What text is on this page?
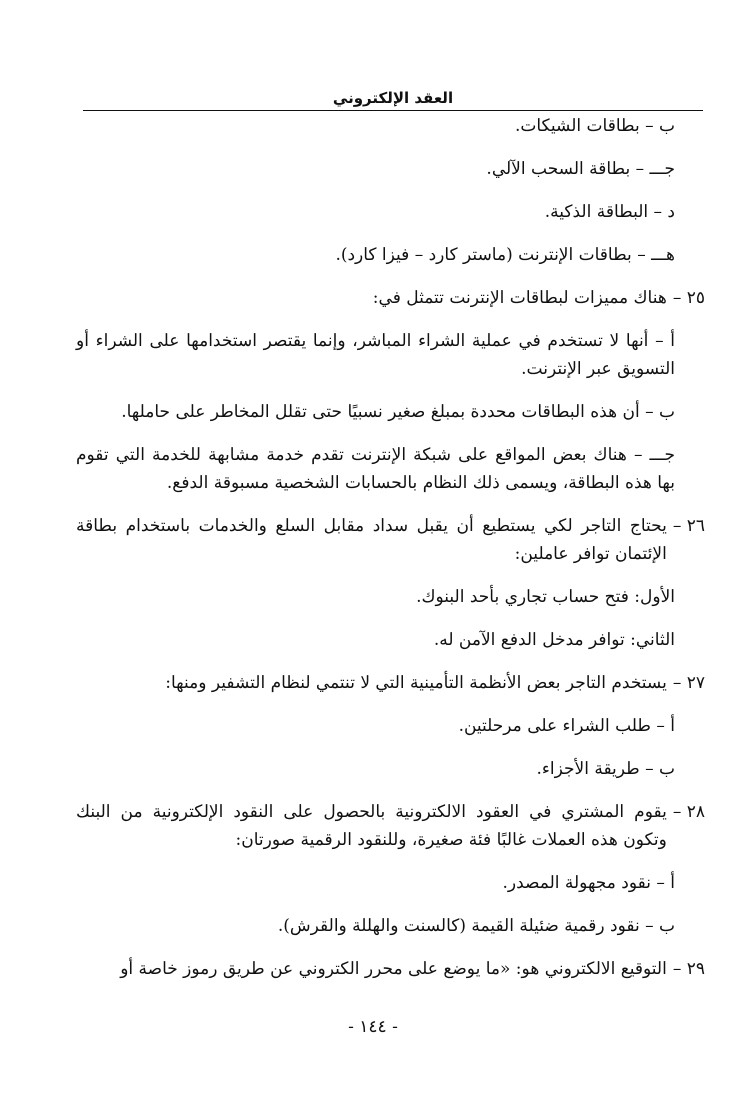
العقد الإلكتروني
ب – بطاقات الشيكات.
جـــ – بطاقة السحب الآلي.
د – البطاقة الذكية.
هـــ – بطاقات الإنترنت (ماستر كارد – فيزا كارد).
٢٥ –
هناك مميزات لبطاقات الإنترنت تتمثل في:
أ – أنها لا تستخدم في عملية الشراء المباشر، وإنما يقتصر استخدامها على الشراء أو التسويق عبر الإنترنت.
ب – أن هذه البطاقات محددة بمبلغ صغير نسبيًا حتى تقلل المخاطر على حاملها.
جـــ – هناك بعض المواقع على شبكة الإنترنت تقدم خدمة مشابهة للخدمة التي تقوم بها هذه البطاقة، ويسمى ذلك النظام بالحسابات الشخصية مسبوقة الدفع.
٢٦ –
يحتاج التاجر لكي يستطيع أن يقبل سداد مقابل السلع والخدمات باستخدام بطاقة الإئتمان توافر عاملين:
الأول: فتح حساب تجاري بأحد البنوك.
الثاني: توافر مدخل الدفع الآمن له.
٢٧ –
يستخدم التاجر بعض الأنظمة التأمينية التي لا تنتمي لنظام التشفير ومنها:
أ – طلب الشراء على مرحلتين.
ب – طريقة الأجزاء.
٢٨ –
يقوم المشتري في العقود الالكترونية بالحصول على النقود الإلكترونية من البنك وتكون هذه العملات غالبًا فئة صغيرة، وللنقود الرقمية صورتان:
أ – نقود مجهولة المصدر.
ب – نقود رقمية ضئيلة القيمة (كالسنت والهللة والقرش).
٢٩ –
التوقيع الالكتروني هو: «ما يوضع على محرر الكتروني عن طريق رموز خاصة أو
- ١٤٤ -
